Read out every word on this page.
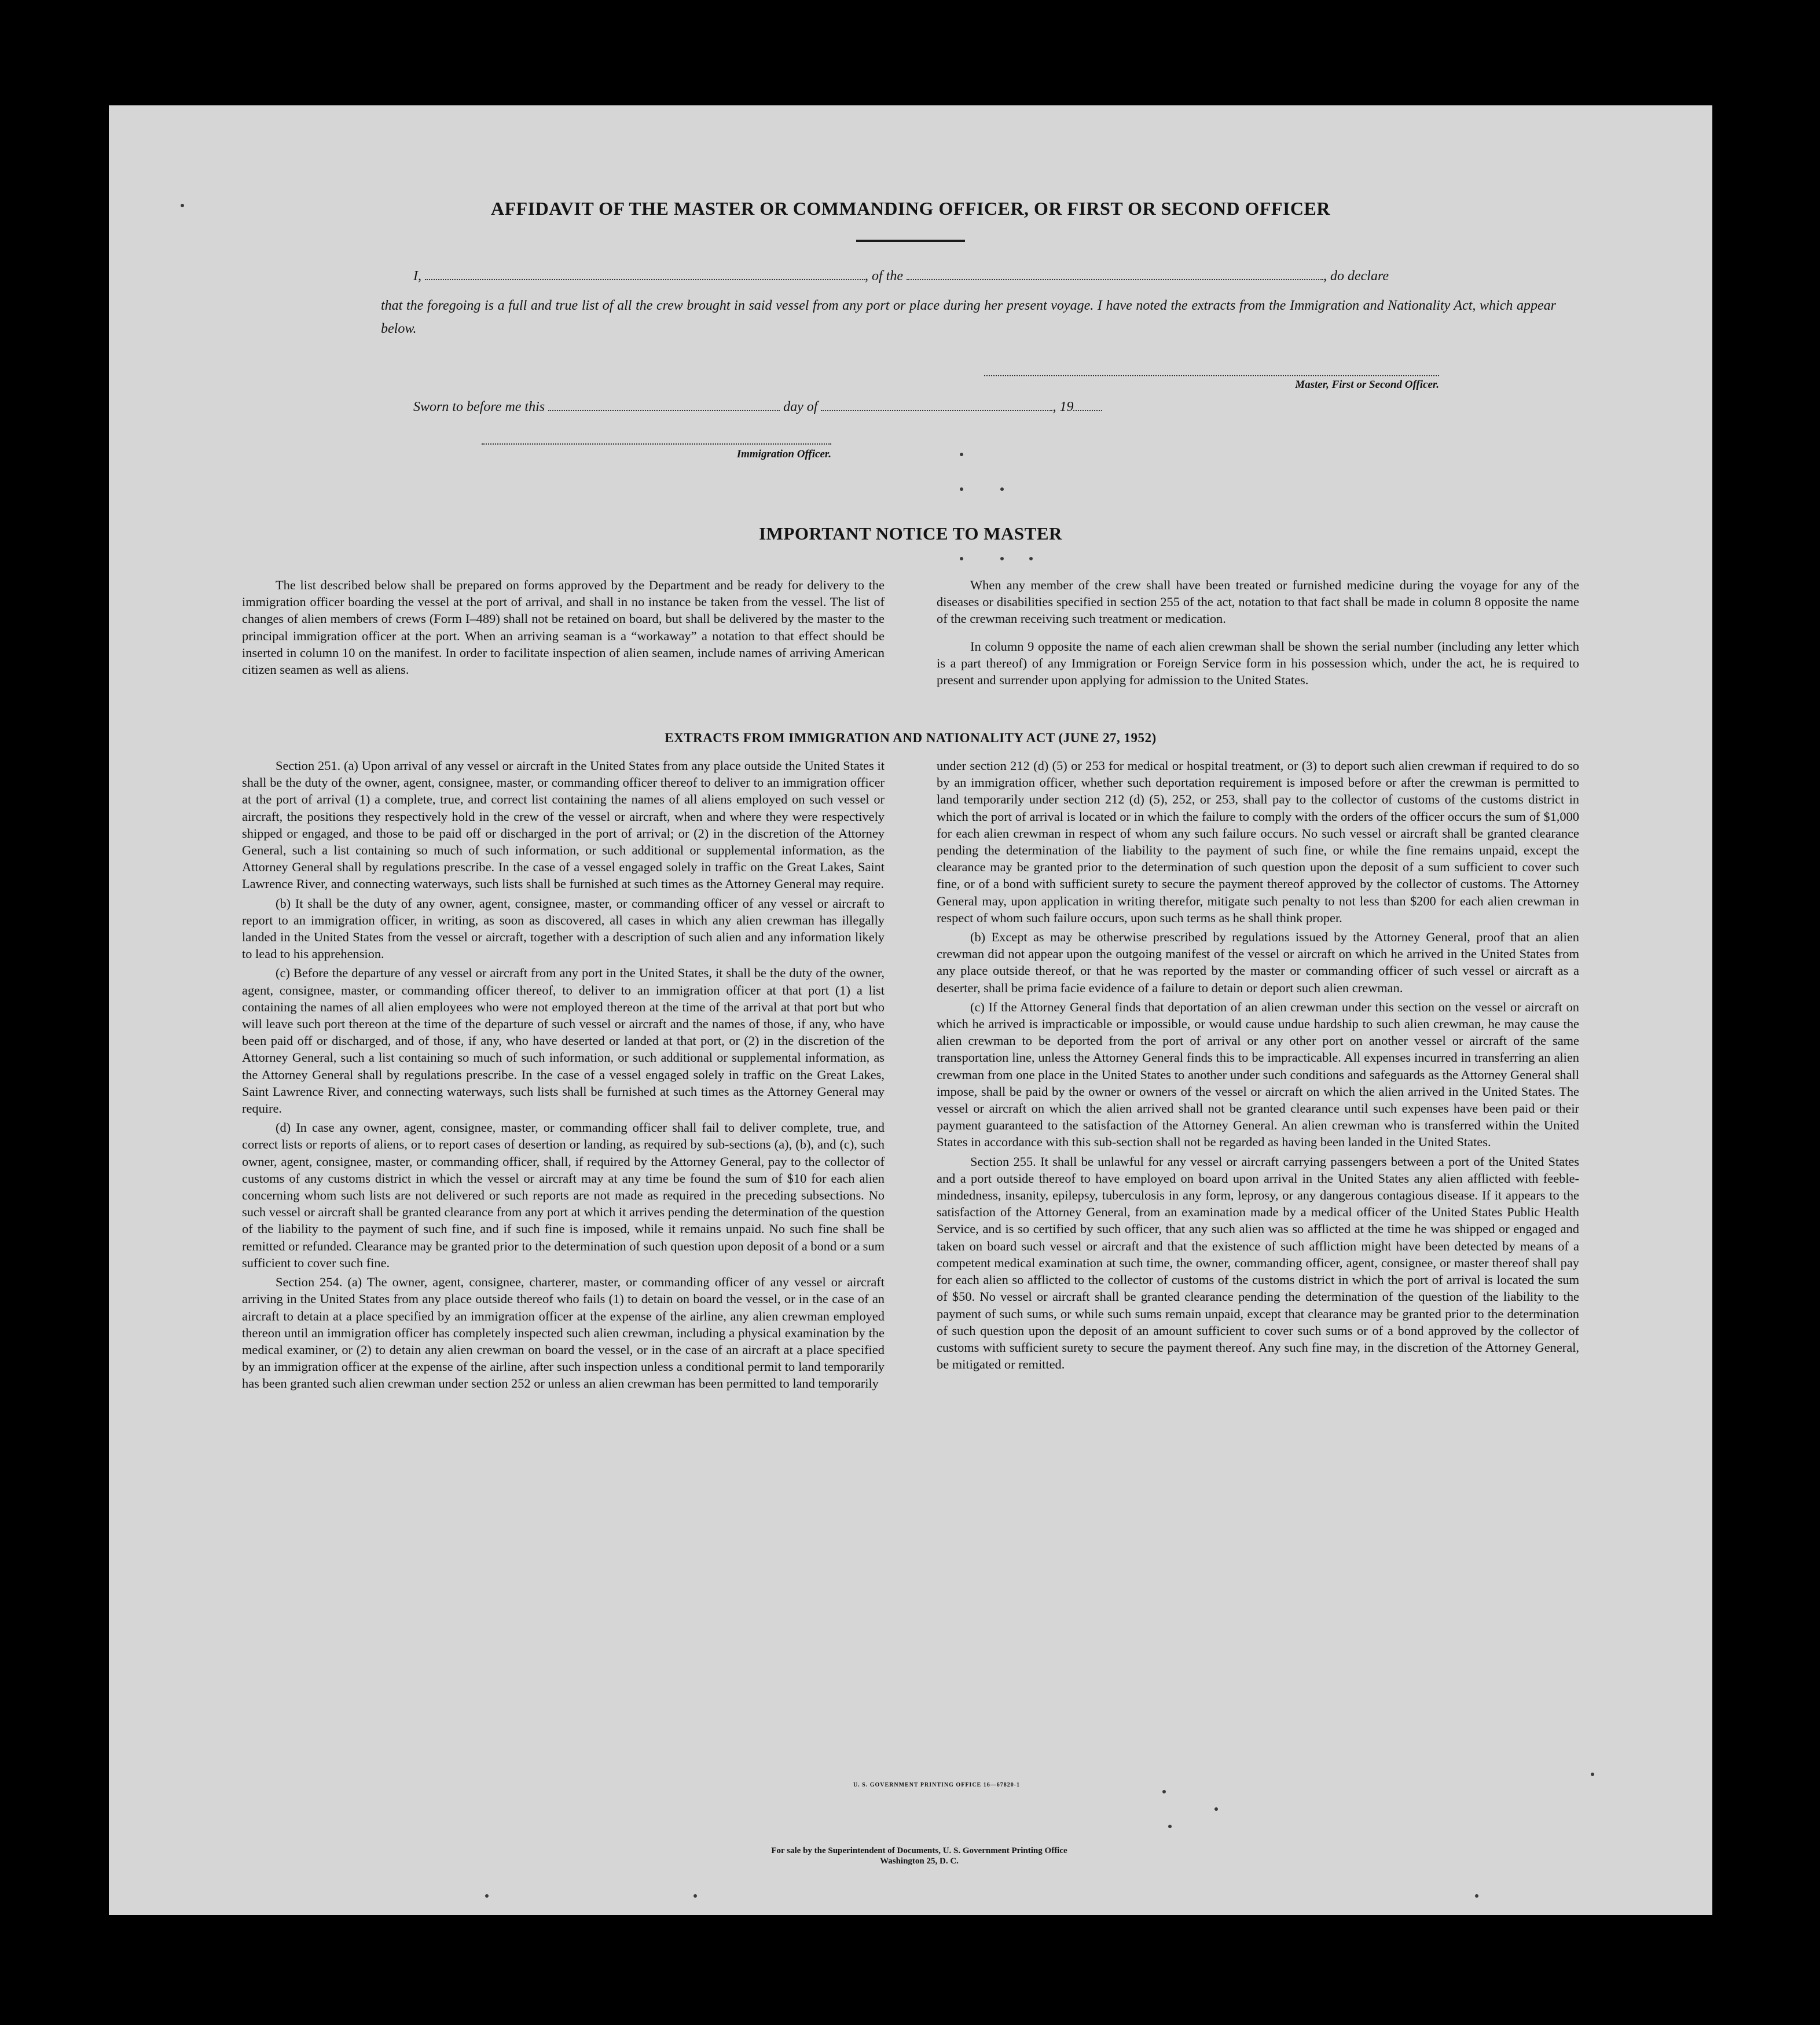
AFFIDAVIT OF THE MASTER OR COMMANDING OFFICER, OR FIRST OR SECOND OFFICER
I,	, of the	, do declare
that the foregoing is a full and true list of all the crew brought in said vessel from any port or place during her present voyage. I have noted the extracts from the Immigration and Nationality Act, which appear below.
Master, First or Second Officer.
Sworn to before me this	day of	, 19
Immigration Officer.
IMPORTANT NOTICE TO MASTER

The list described below shall be prepared on forms approved by the Department and be ready for delivery to the immigration officer boarding the vessel at the port of arrival, and shall in no instance be taken from the vessel. The list of changes of alien members of crews (Form I–489) shall not be retained on board, but shall be delivered by the master to the principal immigration officer at the port. When an arriving seaman is a “workaway” a notation to that effect should be inserted in column 10 on the manifest. In order to facilitate inspection of alien seamen, include names of arriving American citizen seamen as well as aliens.

When any member of the crew shall have been treated or furnished medicine during the voyage for any of the diseases or disabilities specified in section 255 of the act, notation to that fact shall be made in column 8 opposite the name of the crewman receiving such treatment or medication.

In column 9 opposite the name of each alien crewman shall be shown the serial number (including any letter which is a part thereof) of any Immigration or Foreign Service form in his possession which, under the act, he is required to present and surrender upon applying for admission to the United States.

EXTRACTS FROM IMMIGRATION AND NATIONALITY ACT (JUNE 27, 1952)

Section 251. (a) Upon arrival of any vessel or aircraft in the United States from any place outside the United States it shall be the duty of the owner, agent, consignee, master, or commanding officer thereof to deliver to an immigration officer at the port of arrival (1) a complete, true, and correct list containing the names of all aliens employed on such vessel or aircraft, the positions they respectively hold in the crew of the vessel or aircraft, when and where they were respectively shipped or engaged, and those to be paid off or discharged in the port of arrival; or (2) in the discretion of the Attorney General, such a list containing so much of such information, or such additional or supplemental information, as the Attorney General shall by regulations prescribe. In the case of a vessel engaged solely in traffic on the Great Lakes, Saint Lawrence River, and connecting waterways, such lists shall be furnished at such times as the Attorney General may require.

(b) It shall be the duty of any owner, agent, consignee, master, or commanding officer of any vessel or aircraft to report to an immigration officer, in writing, as soon as discovered, all cases in which any alien crewman has illegally landed in the United States from the vessel or aircraft, together with a description of such alien and any information likely to lead to his apprehension.

(c) Before the departure of any vessel or aircraft from any port in the United States, it shall be the duty of the owner, agent, consignee, master, or commanding officer thereof, to deliver to an immigration officer at that port (1) a list containing the names of all alien employees who were not employed thereon at the time of the arrival at that port but who will leave such port thereon at the time of the departure of such vessel or aircraft and the names of those, if any, who have been paid off or discharged, and of those, if any, who have deserted or landed at that port, or (2) in the discretion of the Attorney General, such a list containing so much of such information, or such additional or supplemental information, as the Attorney General shall by regulations prescribe. In the case of a vessel engaged solely in traffic on the Great Lakes, Saint Lawrence River, and connecting waterways, such lists shall be furnished at such times as the Attorney General may require.

(d) In case any owner, agent, consignee, master, or commanding officer shall fail to deliver complete, true, and correct lists or reports of aliens, or to report cases of desertion or landing, as required by sub-sections (a), (b), and (c), such owner, agent, consignee, master, or commanding officer, shall, if required by the Attorney General, pay to the collector of customs of any customs district in which the vessel or aircraft may at any time be found the sum of $10 for each alien concerning whom such lists are not delivered or such reports are not made as required in the preceding subsections. No such vessel or aircraft shall be granted clearance from any port at which it arrives pending the determination of the question of the liability to the payment of such fine, and if such fine is imposed, while it remains unpaid. No such fine shall be remitted or refunded. Clearance may be granted prior to the determination of such question upon deposit of a bond or a sum sufficient to cover such fine.

Section 254. (a) The owner, agent, consignee, charterer, master, or commanding officer of any vessel or aircraft arriving in the United States from any place outside thereof who fails (1) to detain on board the vessel, or in the case of an aircraft to detain at a place specified by an immigration officer at the expense of the airline, any alien crewman employed thereon until an immigration officer has completely inspected such alien crewman, including a physical examination by the medical examiner, or (2) to detain any alien crewman on board the vessel, or in the case of an aircraft at a place specified by an immigration officer at the expense of the airline, after such inspection unless a conditional permit to land temporarily has been granted such alien crewman under section 252 or unless an alien crewman has been permitted to land temporarily

under section 212 (d) (5) or 253 for medical or hospital treatment, or (3) to deport such alien crewman if required to do so by an immigration officer, whether such deportation requirement is imposed before or after the crewman is permitted to land temporarily under section 212 (d) (5), 252, or 253, shall pay to the collector of customs of the customs district in which the port of arrival is located or in which the failure to comply with the orders of the officer occurs the sum of $1,000 for each alien crewman in respect of whom any such failure occurs. No such vessel or aircraft shall be granted clearance pending the determination of the liability to the payment of such fine, or while the fine remains unpaid, except the clearance may be granted prior to the determination of such question upon the deposit of a sum sufficient to cover such fine, or of a bond with sufficient surety to secure the payment thereof approved by the collector of customs. The Attorney General may, upon application in writing therefor, mitigate such penalty to not less than $200 for each alien crewman in respect of whom such failure occurs, upon such terms as he shall think proper.

(b) Except as may be otherwise prescribed by regulations issued by the Attorney General, proof that an alien crewman did not appear upon the outgoing manifest of the vessel or aircraft on which he arrived in the United States from any place outside thereof, or that he was reported by the master or commanding officer of such vessel or aircraft as a deserter, shall be prima facie evidence of a failure to detain or deport such alien crewman.

(c) If the Attorney General finds that deportation of an alien crewman under this section on the vessel or aircraft on which he arrived is impracticable or impossible, or would cause undue hardship to such alien crewman, he may cause the alien crewman to be deported from the port of arrival or any other port on another vessel or aircraft of the same transportation line, unless the Attorney General finds this to be impracticable. All expenses incurred in transferring an alien crewman from one place in the United States to another under such conditions and safeguards as the Attorney General shall impose, shall be paid by the owner or owners of the vessel or aircraft on which the alien arrived in the United States. The vessel or aircraft on which the alien arrived shall not be granted clearance until such expenses have been paid or their payment guaranteed to the satisfaction of the Attorney General. An alien crewman who is transferred within the United States in accordance with this sub-section shall not be regarded as having been landed in the United States.

Section 255. It shall be unlawful for any vessel or aircraft carrying passengers between a port of the United States and a port outside thereof to have employed on board upon arrival in the United States any alien afflicted with feeble-mindedness, insanity, epilepsy, tuberculosis in any form, leprosy, or any dangerous contagious disease. If it appears to the satisfaction of the Attorney General, from an examination made by a medical officer of the United States Public Health Service, and is so certified by such officer, that any such alien was so afflicted at the time he was shipped or engaged and taken on board such vessel or aircraft and that the existence of such affliction might have been detected by means of a competent medical examination at such time, the owner, commanding officer, agent, consignee, or master thereof shall pay for each alien so afflicted to the collector of customs of the customs district in which the port of arrival is located the sum of $50. No vessel or aircraft shall be granted clearance pending the determination of the question of the liability to the payment of such sums, or while such sums remain unpaid, except that clearance may be granted prior to the determination of such question upon the deposit of an amount sufficient to cover such sums or of a bond approved by the collector of customs with sufficient surety to secure the payment thereof. Any such fine may, in the discretion of the Attorney General, be mitigated or remitted.

U. S. GOVERNMENT PRINTING OFFICE 16—67820-1
For sale by the Superintendent of Documents, U. S. Government Printing Office
Washington 25, D. C.
